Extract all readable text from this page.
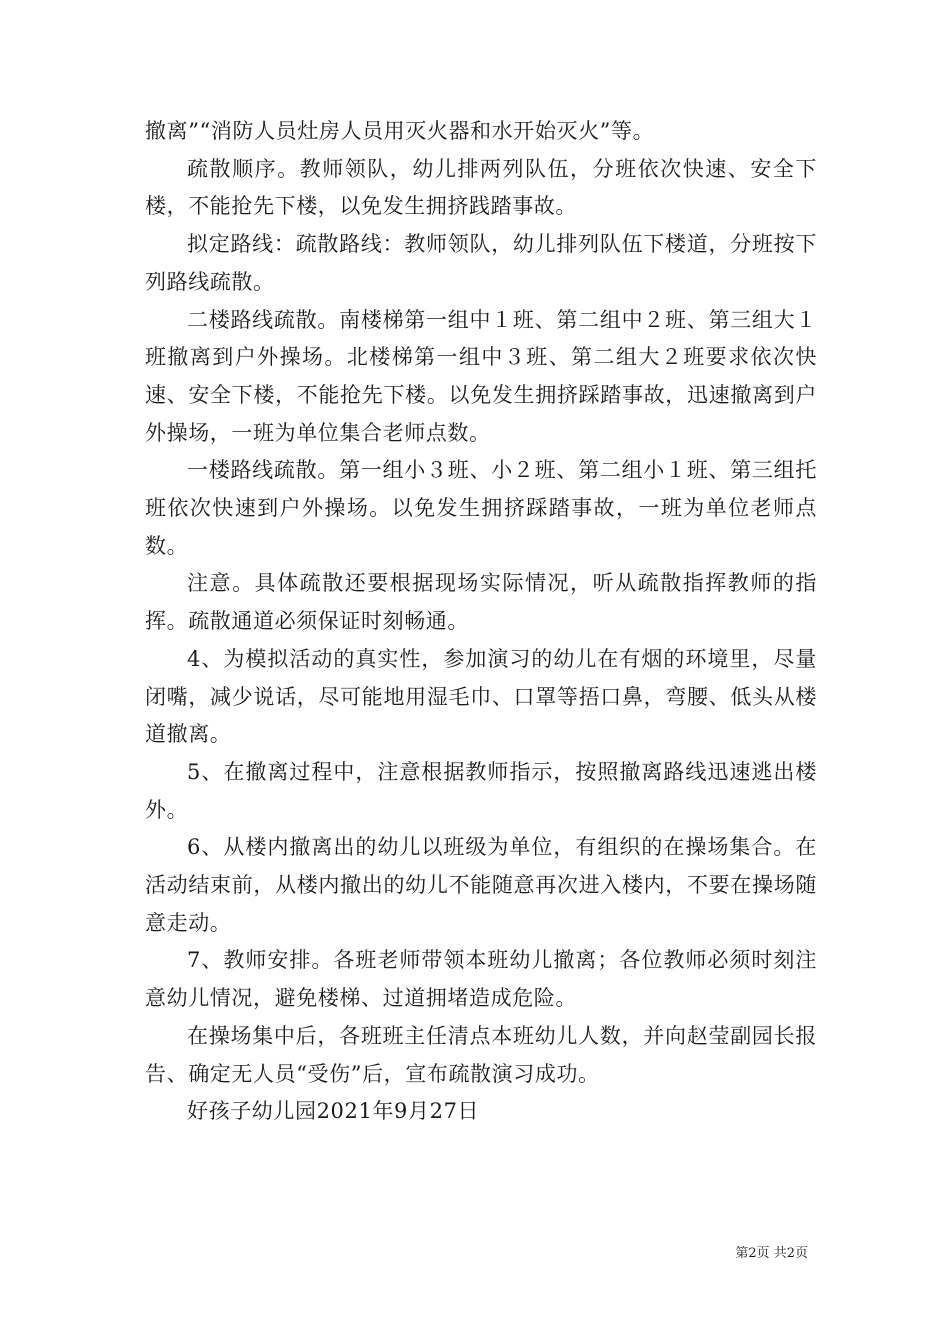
撤离”“消防人员灶房人员用灭火器和水开始灭火”等。

疏散顺序。教师领队，幼儿排两列队伍，分班依次快速、安全下楼，不能抢先下楼，以免发生拥挤践踏事故。

拟定路线：疏散路线：教师领队，幼儿排列队伍下楼道，分班按下列路线疏散。

二楼路线疏散。南楼梯第一组中１班、第二组中２班、第三组大１班撤离到户外操场。北楼梯第一组中３班、第二组大２班要求依次快速、安全下楼，不能抢先下楼。以免发生拥挤踩踏事故，迅速撤离到户外操场，一班为单位集合老师点数。

一楼路线疏散。第一组小３班、小２班、第二组小１班、第三组托班依次快速到户外操场。以免发生拥挤踩踏事故，一班为单位老师点数。

注意。具体疏散还要根据现场实际情况，听从疏散指挥教师的指挥。疏散通道必须保证时刻畅通。

4、为模拟活动的真实性，参加演习的幼儿在有烟的环境里，尽量闭嘴，减少说话，尽可能地用湿毛巾、口罩等捂口鼻，弯腰、低头从楼道撤离。

5、在撤离过程中，注意根据教师指示，按照撤离路线迅速逃出楼外。

6、从楼内撤离出的幼儿以班级为单位，有组织的在操场集合。在活动结束前，从楼内撤出的幼儿不能随意再次进入楼内，不要在操场随意走动。

7、教师安排。各班老师带领本班幼儿撤离；各位教师必须时刻注意幼儿情况，避免楼梯、过道拥堵造成危险。

在操场集中后，各班班主任清点本班幼儿人数，并向赵莹副园长报告、确定无人员“受伤”后，宣布疏散演习成功。

好孩子幼儿园2021年9月27日

第2页 共2页
